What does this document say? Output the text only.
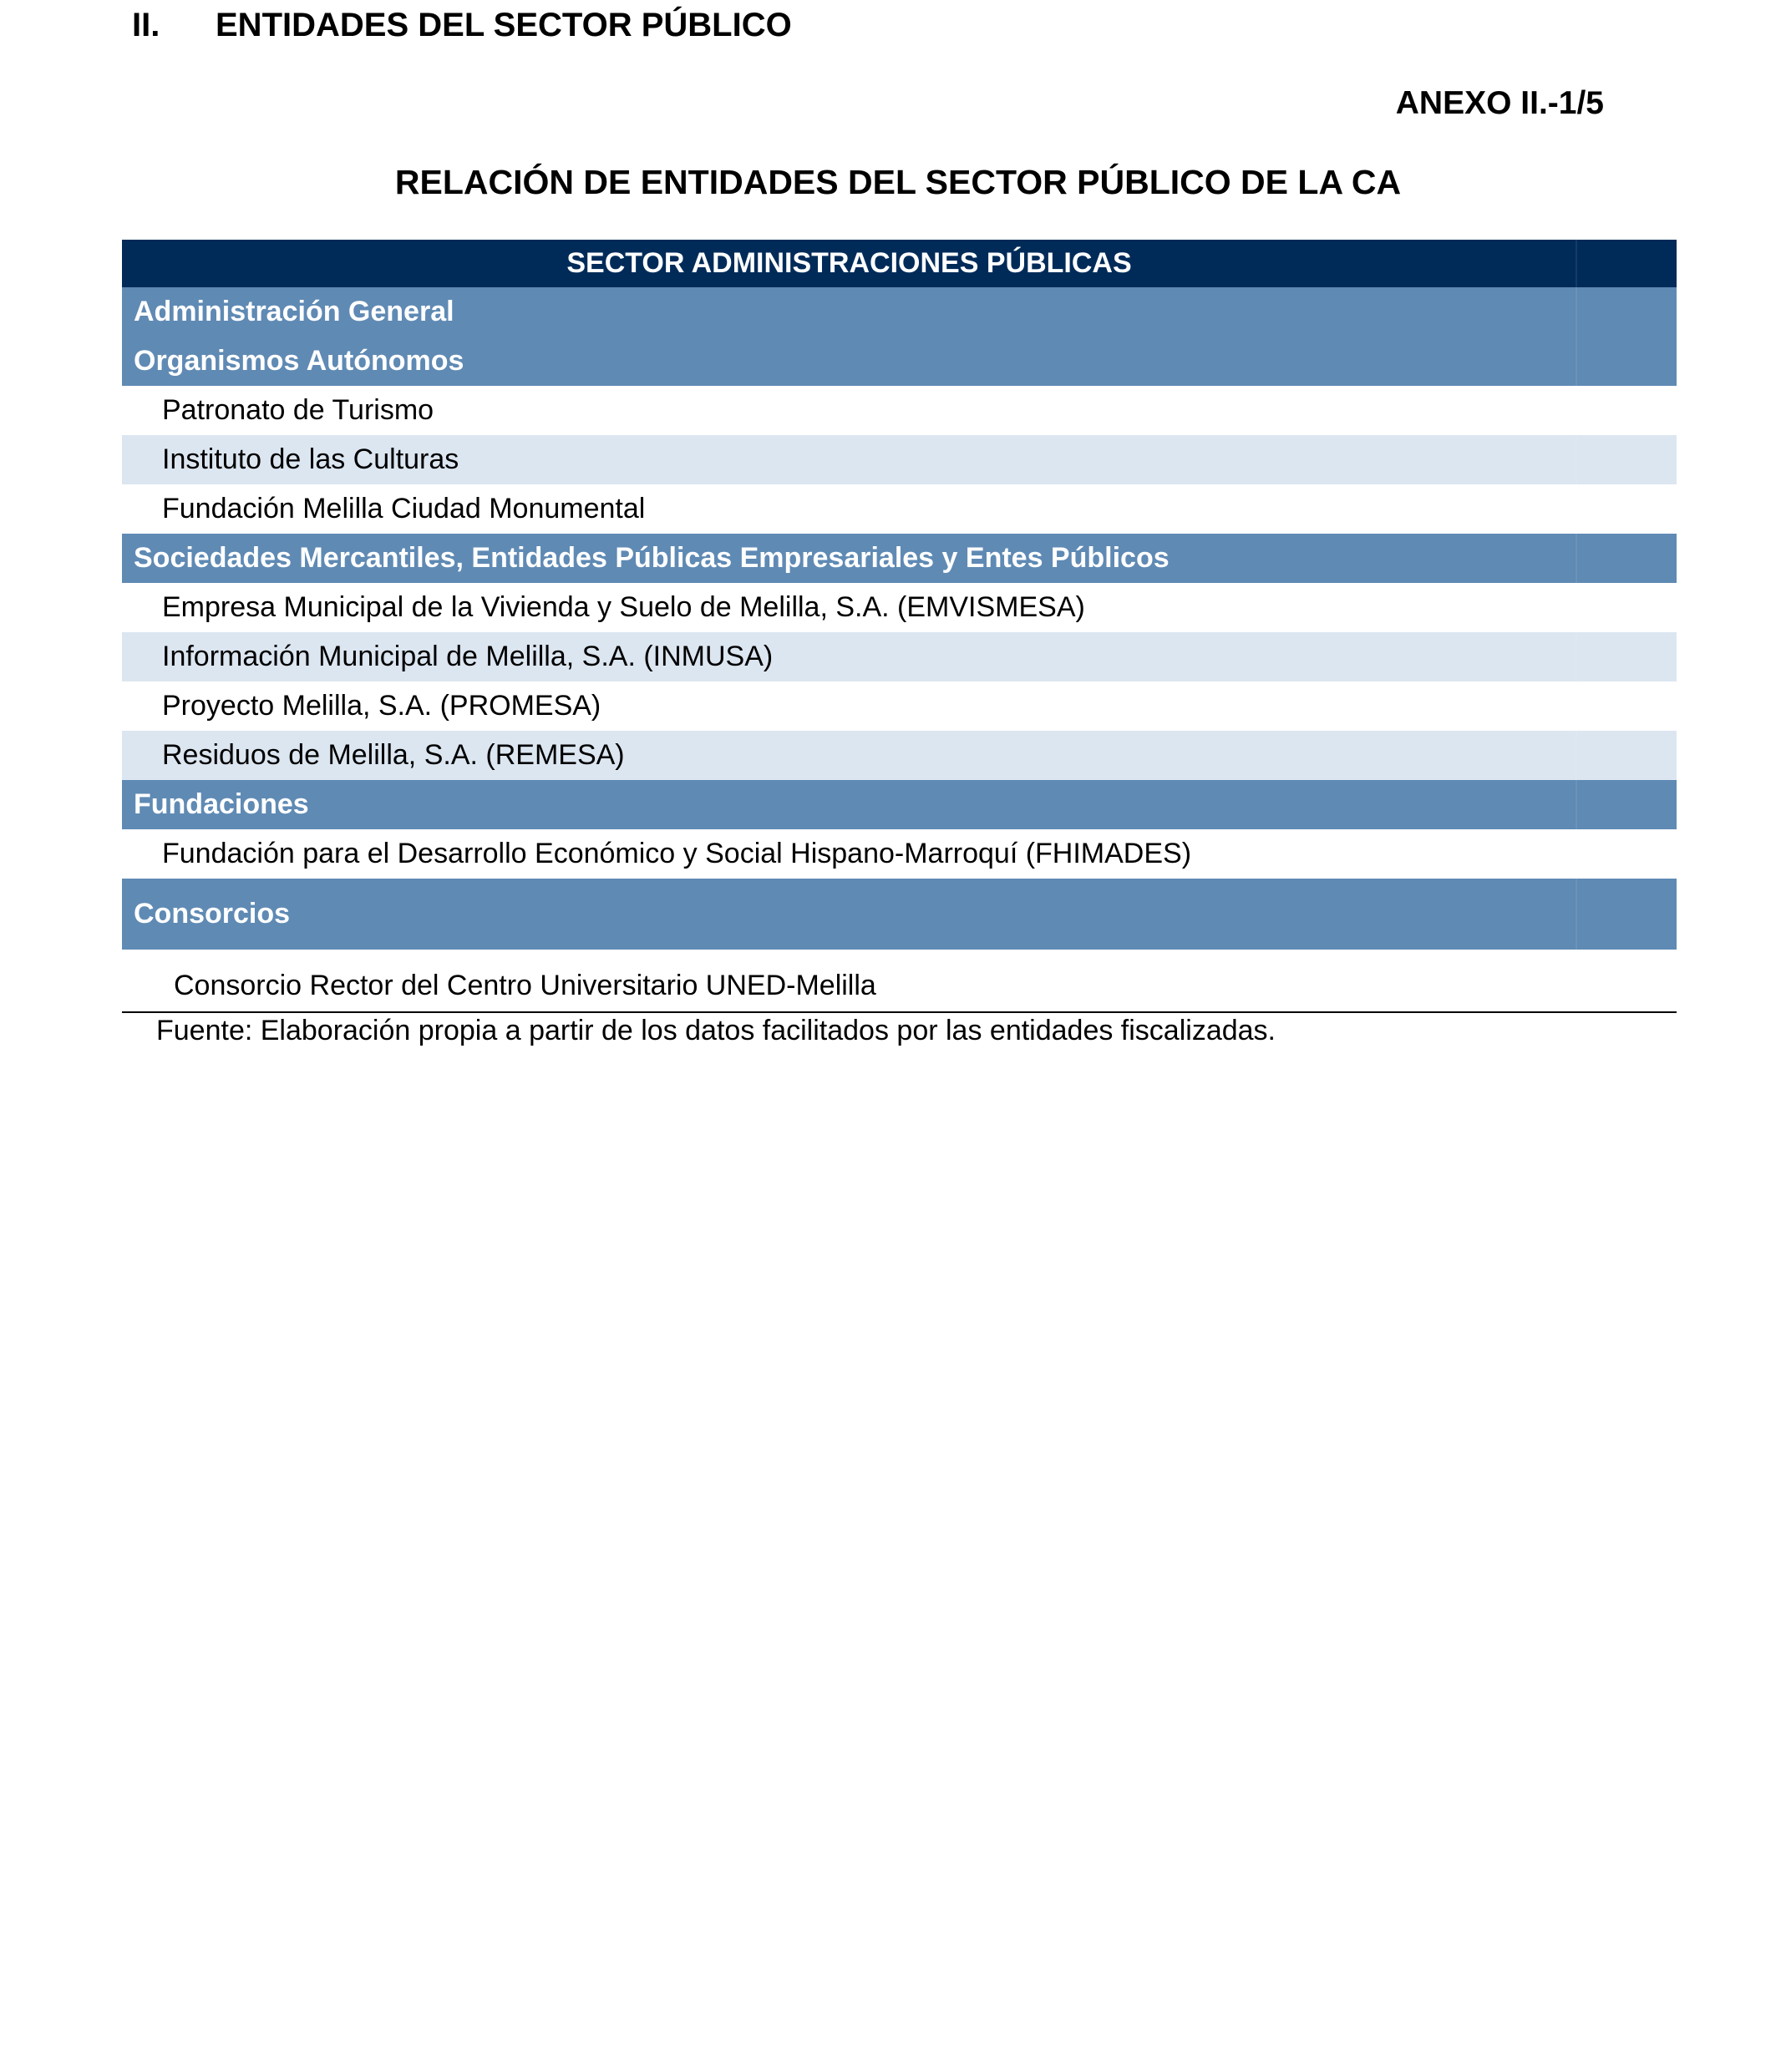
II. ENTIDADES DEL SECTOR PÚBLICO
ANEXO II.-1/5
RELACIÓN DE ENTIDADES DEL SECTOR PÚBLICO DE LA CA
SECTOR ADMINISTRACIONES PÚBLICAS
Administración General
Organismos Autónomos
Patronato de Turismo
Instituto de las Culturas
Fundación Melilla Ciudad Monumental
Sociedades Mercantiles, Entidades Públicas Empresariales y Entes Públicos
Empresa Municipal de la Vivienda y Suelo de Melilla, S.A. (EMVISMESA)
Información Municipal de Melilla, S.A. (INMUSA)
Proyecto Melilla, S.A. (PROMESA)
Residuos de Melilla, S.A. (REMESA)
Fundaciones
Fundación para el Desarrollo Económico y Social Hispano-Marroquí (FHIMADES)
Consorcios
Consorcio Rector del Centro Universitario UNED-Melilla
Fuente: Elaboración propia a partir de los datos facilitados por las entidades fiscalizadas.
